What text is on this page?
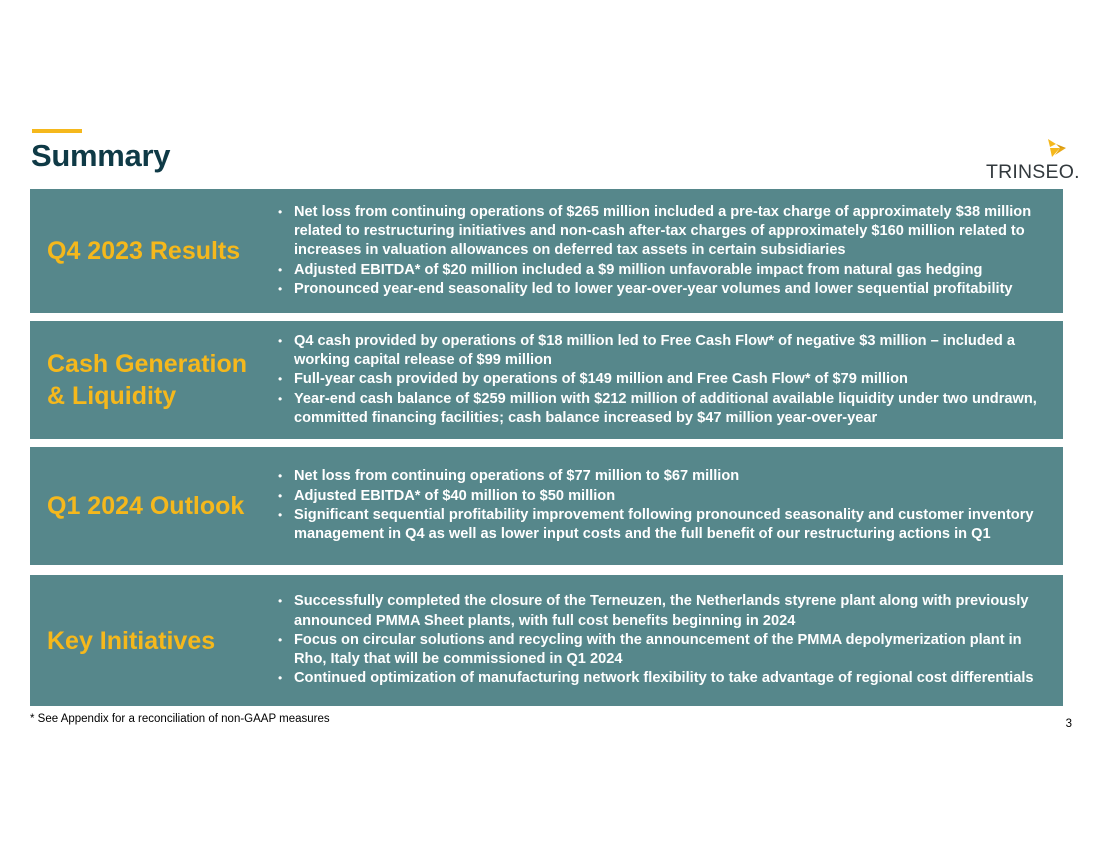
Summary	TRINSEO.
Q4 2023 Results
• Net loss from continuing operations of $265 million included a pre-tax charge of approximately $38 million related to restructuring initiatives and non-cash after-tax charges of approximately $160 million related to increases in valuation allowances on deferred tax assets in certain subsidiaries
• Adjusted EBITDA* of $20 million included a $9 million unfavorable impact from natural gas hedging
• Pronounced year-end seasonality led to lower year-over-year volumes and lower sequential profitability
Cash Generation & Liquidity
• Q4 cash provided by operations of $18 million led to Free Cash Flow* of negative $3 million – included a working capital release of $99 million
• Full-year cash provided by operations of $149 million and Free Cash Flow* of $79 million
• Year-end cash balance of $259 million with $212 million of additional available liquidity under two undrawn, committed financing facilities; cash balance increased by $47 million year-over-year
Q1 2024 Outlook
• Net loss from continuing operations of $77 million to $67 million
• Adjusted EBITDA* of $40 million to $50 million
• Significant sequential profitability improvement following pronounced seasonality and customer inventory management in Q4 as well as lower input costs and the full benefit of our restructuring actions in Q1
Key Initiatives
• Successfully completed the closure of the Terneuzen, the Netherlands styrene plant along with previously announced PMMA Sheet plants, with full cost benefits beginning in 2024
• Focus on circular solutions and recycling with the announcement of the PMMA depolymerization plant in Rho, Italy that will be commissioned in Q1 2024
• Continued optimization of manufacturing network flexibility to take advantage of regional cost differentials
* See Appendix for a reconciliation of non-GAAP measures	3
